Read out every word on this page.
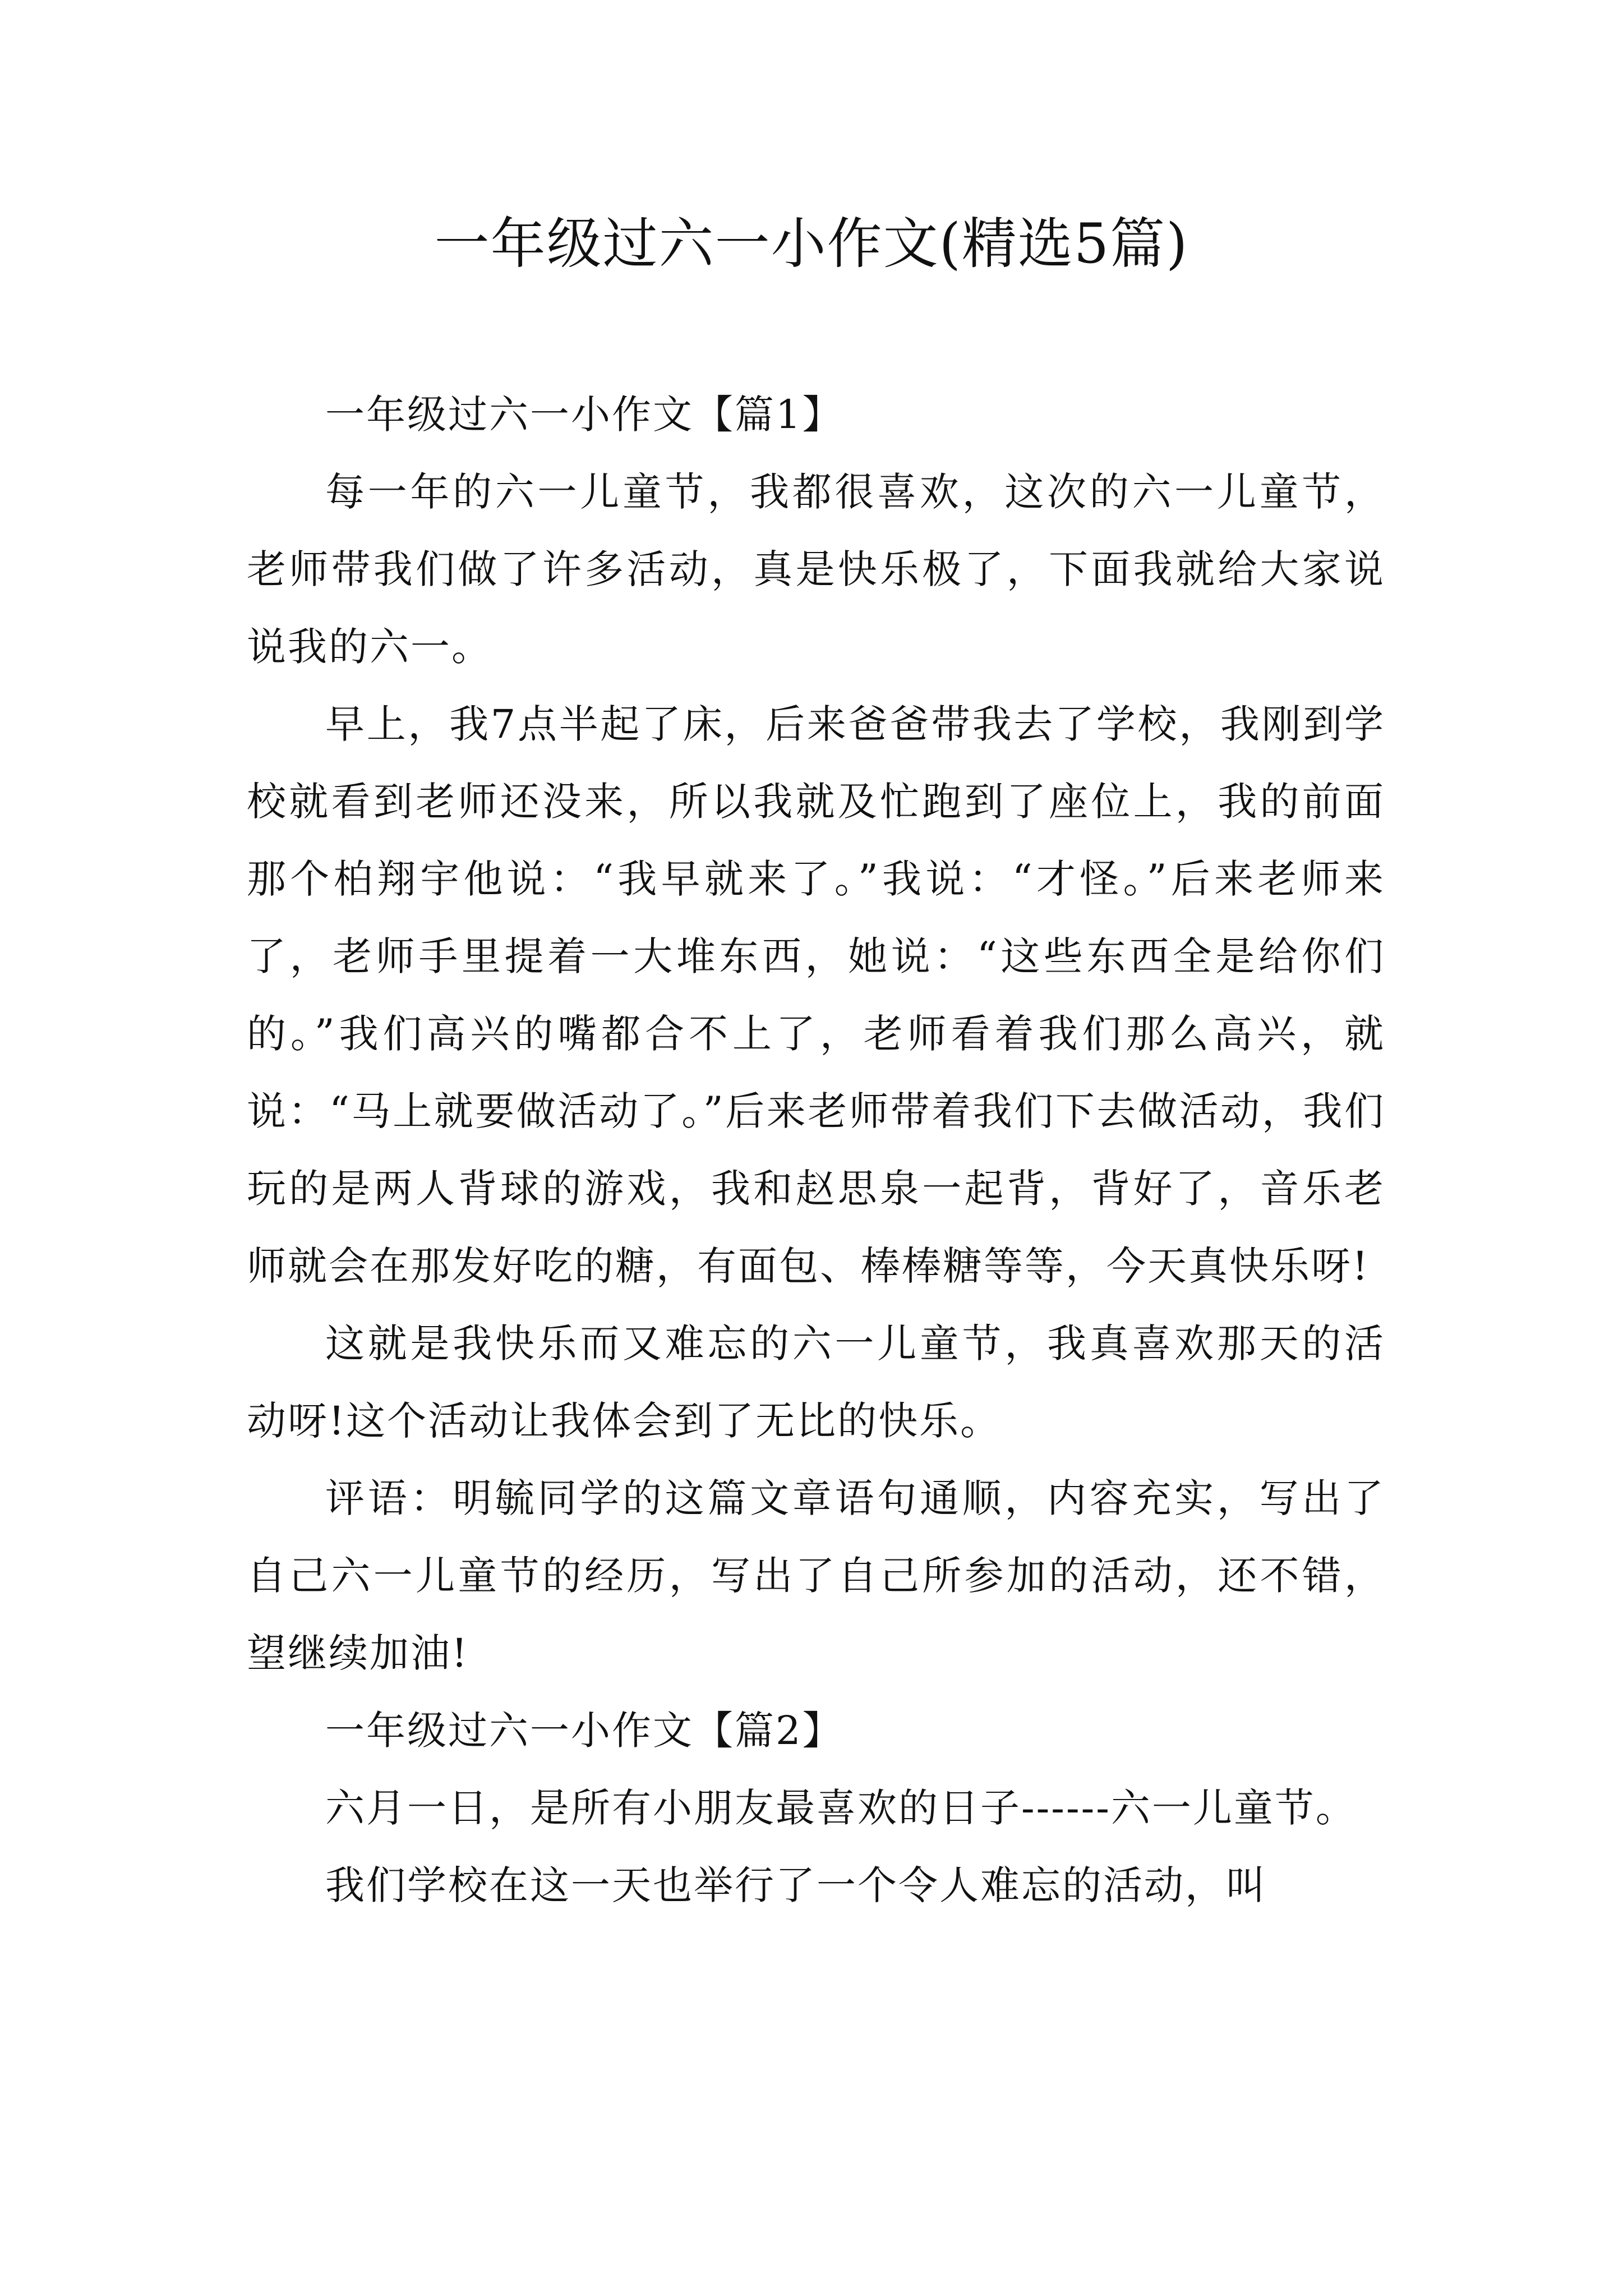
一年级过六一小作文(精选5篇)

一年级过六一小作文【篇1】

每一年的六一儿童节，我都很喜欢，这次的六一儿童节，老师带我们做了许多活动，真是快乐极了，下面我就给大家说说我的六一。

早上，我7点半起了床，后来爸爸带我去了学校，我刚到学校就看到老师还没来，所以我就及忙跑到了座位上，我的前面那个柏翔宇他说：“我早就来了。”我说：“才怪。”后来老师来了，老师手里提着一大堆东西，她说：“这些东西全是给你们的。”我们高兴的嘴都合不上了，老师看着我们那么高兴，就说：“马上就要做活动了。”后来老师带着我们下去做活动，我们玩的是两人背球的游戏，我和赵思泉一起背，背好了，音乐老师就会在那发好吃的糖，有面包、棒棒糖等等，今天真快乐呀!

这就是我快乐而又难忘的六一儿童节，我真喜欢那天的活动呀!这个活动让我体会到了无比的快乐。

评语：明毓同学的这篇文章语句通顺，内容充实，写出了自己六一儿童节的经历，写出了自己所参加的活动，还不错，望继续加油!

一年级过六一小作文【篇2】

六月一日，是所有小朋友最喜欢的日子------六一儿童节。

我们学校在这一天也举行了一个令人难忘的活动，叫
